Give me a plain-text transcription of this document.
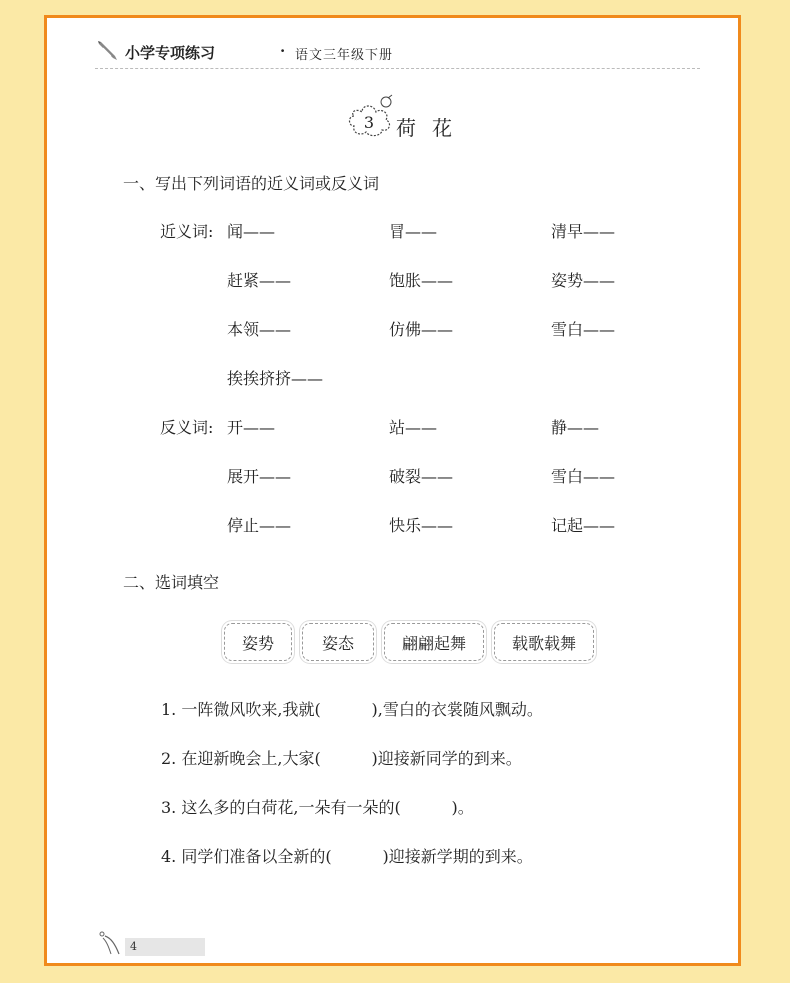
小学专项练习	· 语文三年级下册
3 荷花
一、写出下列词语的近义词或反义词
近义词: 闻——	冒——	清早——
赶紧——	饱胀——	姿势——
本领——	仿佛——	雪白——
挨挨挤挤——
反义词: 开——	站——	静——
展开——	破裂——	雪白——
停止——	快乐——	记起——
二、选词填空
姿势	姿态	翩翩起舞	载歌载舞
1. 一阵微风吹来,我就(          ),雪白的衣裳随风飘动。
2. 在迎新晚会上,大家(          )迎接新同学的到来。
3. 这么多的白荷花,一朵有一朵的(          )。
4. 同学们准备以全新的(          )迎接新学期的到来。
4
